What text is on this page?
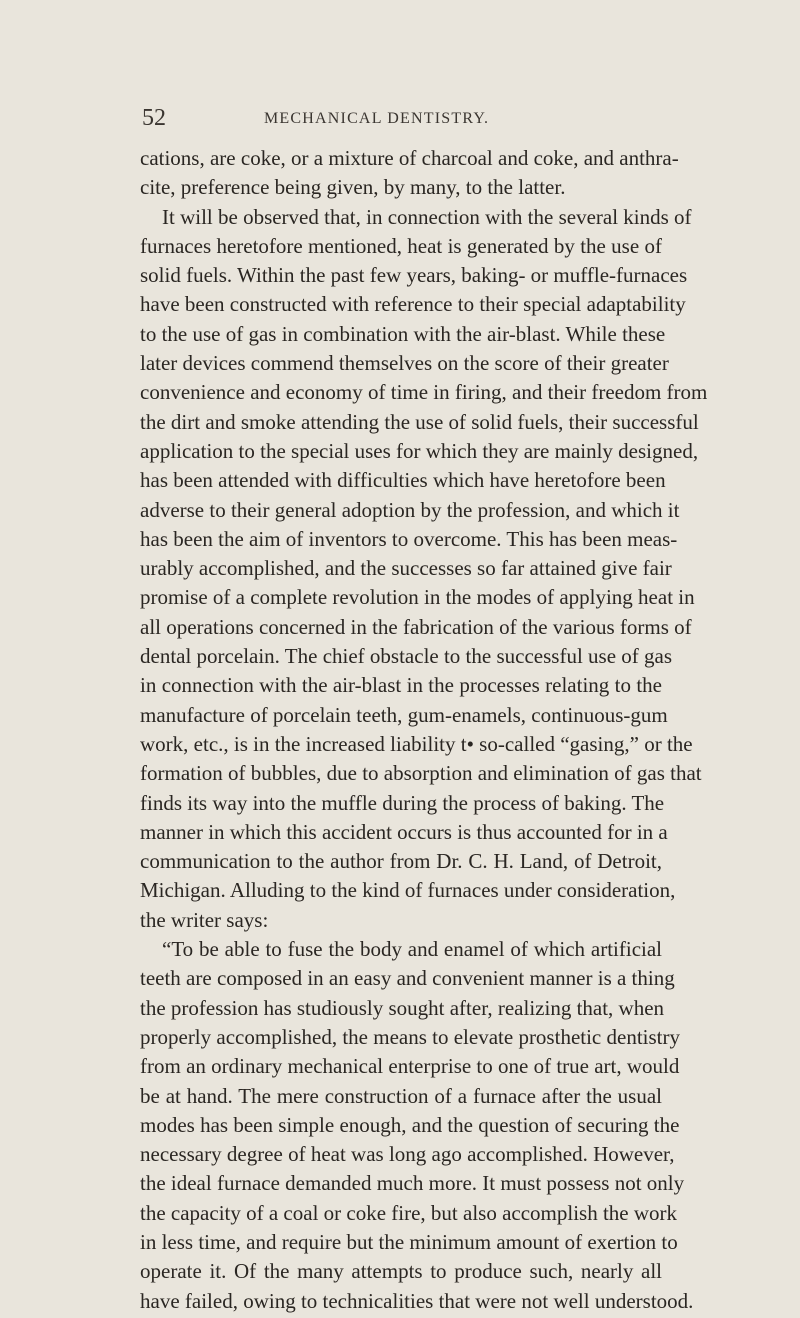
52	MECHANICAL DENTISTRY.
cations, are coke, or a mixture of charcoal and coke, and anthra-
cite, preference being given, by many, to the latter.
It will be observed that, in connection with the several kinds of
furnaces heretofore mentioned, heat is generated by the use of
solid fuels. Within the past few years, baking- or muffle-furnaces
have been constructed with reference to their special adaptability
to the use of gas in combination with the air-blast. While these
later devices commend themselves on the score of their greater
convenience and economy of time in firing, and their freedom from
the dirt and smoke attending the use of solid fuels, their successful
application to the special uses for which they are mainly designed,
has been attended with difficulties which have heretofore been
adverse to their general adoption by the profession, and which it
has been the aim of inventors to overcome. This has been meas-
urably accomplished, and the successes so far attained give fair
promise of a complete revolution in the modes of applying heat in
all operations concerned in the fabrication of the various forms of
dental porcelain. The chief obstacle to the successful use of gas
in connection with the air-blast in the processes relating to the
manufacture of porcelain teeth, gum-enamels, continuous-gum
work, etc., is in the increased liability t• so-called “gasing,” or the
formation of bubbles, due to absorption and elimination of gas that
finds its way into the muffle during the process of baking. The
manner in which this accident occurs is thus accounted for in a
communication to the author from Dr. C. H. Land, of Detroit,
Michigan. Alluding to the kind of furnaces under consideration,
the writer says:
“To be able to fuse the body and enamel of which artificial
teeth are composed in an easy and convenient manner is a thing
the profession has studiously sought after, realizing that, when
properly accomplished, the means to elevate prosthetic dentistry
from an ordinary mechanical enterprise to one of true art, would
be at hand. The mere construction of a furnace after the usual
modes has been simple enough, and the question of securing the
necessary degree of heat was long ago accomplished. However,
the ideal furnace demanded much more. It must possess not only
the capacity of a coal or coke fire, but also accomplish the work
in less time, and require but the minimum amount of exertion to
operate it. Of the many attempts to produce such, nearly all
have failed, owing to technicalities that were not well understood.
